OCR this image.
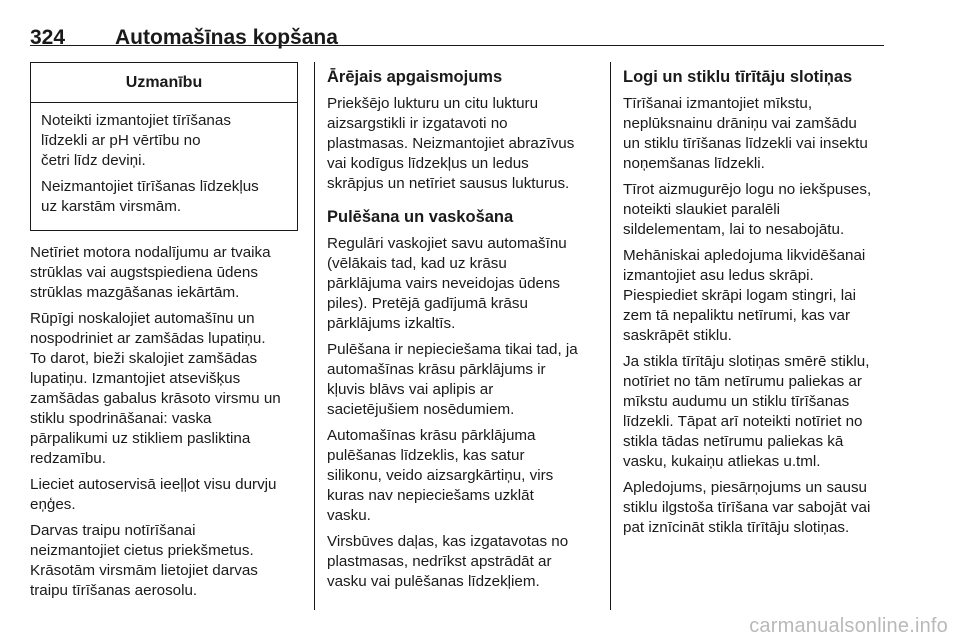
324 Automašīnas kopšana
Uzmanību

Noteikti izmantojiet tīrīšanas
līdzekli ar pH vērtību no
četri līdz deviņi.

Neizmantojiet tīrīšanas līdzekļus
uz karstām virsmām.

Netīriet motora nodalījumu ar tvaika
strūklas vai augstspiediena ūdens
strūklas mazgāšanas iekārtām.

Rūpīgi noskalojiet automašīnu un
nospodriniet ar zamšādas lupatiņu.
To darot, bieži skalojiet zamšādas
lupatiņu. Izmantojiet atsevišķus
zamšādas gabalus krāsoto virsmu un
stiklu spodrināšanai: vaska
pārpalikumi uz stikliem pasliktina
redzamību.

Lieciet autoservisā ieeļļot visu durvju
eņģes.

Darvas traipu notīrīšanai
neizmantojiet cietus priekšmetus.
Krāsotām virsmām lietojiet darvas
traipu tīrīšanas aerosolu.

Ārējais apgaismojums

Priekšējo lukturu un citu lukturu
aizsargstikli ir izgatavoti no
plastmasas. Neizmantojiet abrazīvus
vai kodīgus līdzekļus un ledus
skrāpjus un netīriet sausus lukturus.

Pulēšana un vaskošana

Regulāri vaskojiet savu automašīnu
(vēlākais tad, kad uz krāsu
pārklājuma vairs neveidojas ūdens
piles). Pretējā gadījumā krāsu
pārklājums izkaltīs.

Pulēšana ir nepieciešama tikai tad, ja
automašīnas krāsu pārklājums ir
kļuvis blāvs vai aplipis ar
sacietējušiem nosēdumiem.

Automašīnas krāsu pārklājuma
pulēšanas līdzeklis, kas satur
silikonu, veido aizsargkārtiņu, virs
kuras nav nepieciešams uzklāt
vasku.

Virsbūves daļas, kas izgatavotas no
plastmasas, nedrīkst apstrādāt ar
vasku vai pulēšanas līdzekļiem.

Logi un stiklu tīrītāju slotiņas

Tīrīšanai izmantojiet mīkstu,
neplūksnainu drāniņu vai zamšādu
un stiklu tīrīšanas līdzekli vai insektu
noņemšanas līdzekli.

Tīrot aizmugurējo logu no iekšpuses,
noteikti slaukiet paralēli
sildelementam, lai to nesabojātu.

Mehāniskai apledojuma likvidēšanai
izmantojiet asu ledus skrāpi.
Piespiediet skrāpi logam stingri, lai
zem tā nepaliktu netīrumi, kas var
saskrāpēt stiklu.

Ja stikla tīrītāju slotiņas smērē stiklu,
notīriet no tām netīrumu paliekas ar
mīkstu audumu un stiklu tīrīšanas
līdzekli. Tāpat arī noteikti notīriet no
stikla tādas netīrumu paliekas kā
vasku, kukaiņu atliekas u.tml.

Apledojums, piesārņojums un sausu
stiklu ilgstoša tīrīšana var sabojāt vai
pat iznīcināt stikla tīrītāju slotiņas.

carmanualsonline.info
